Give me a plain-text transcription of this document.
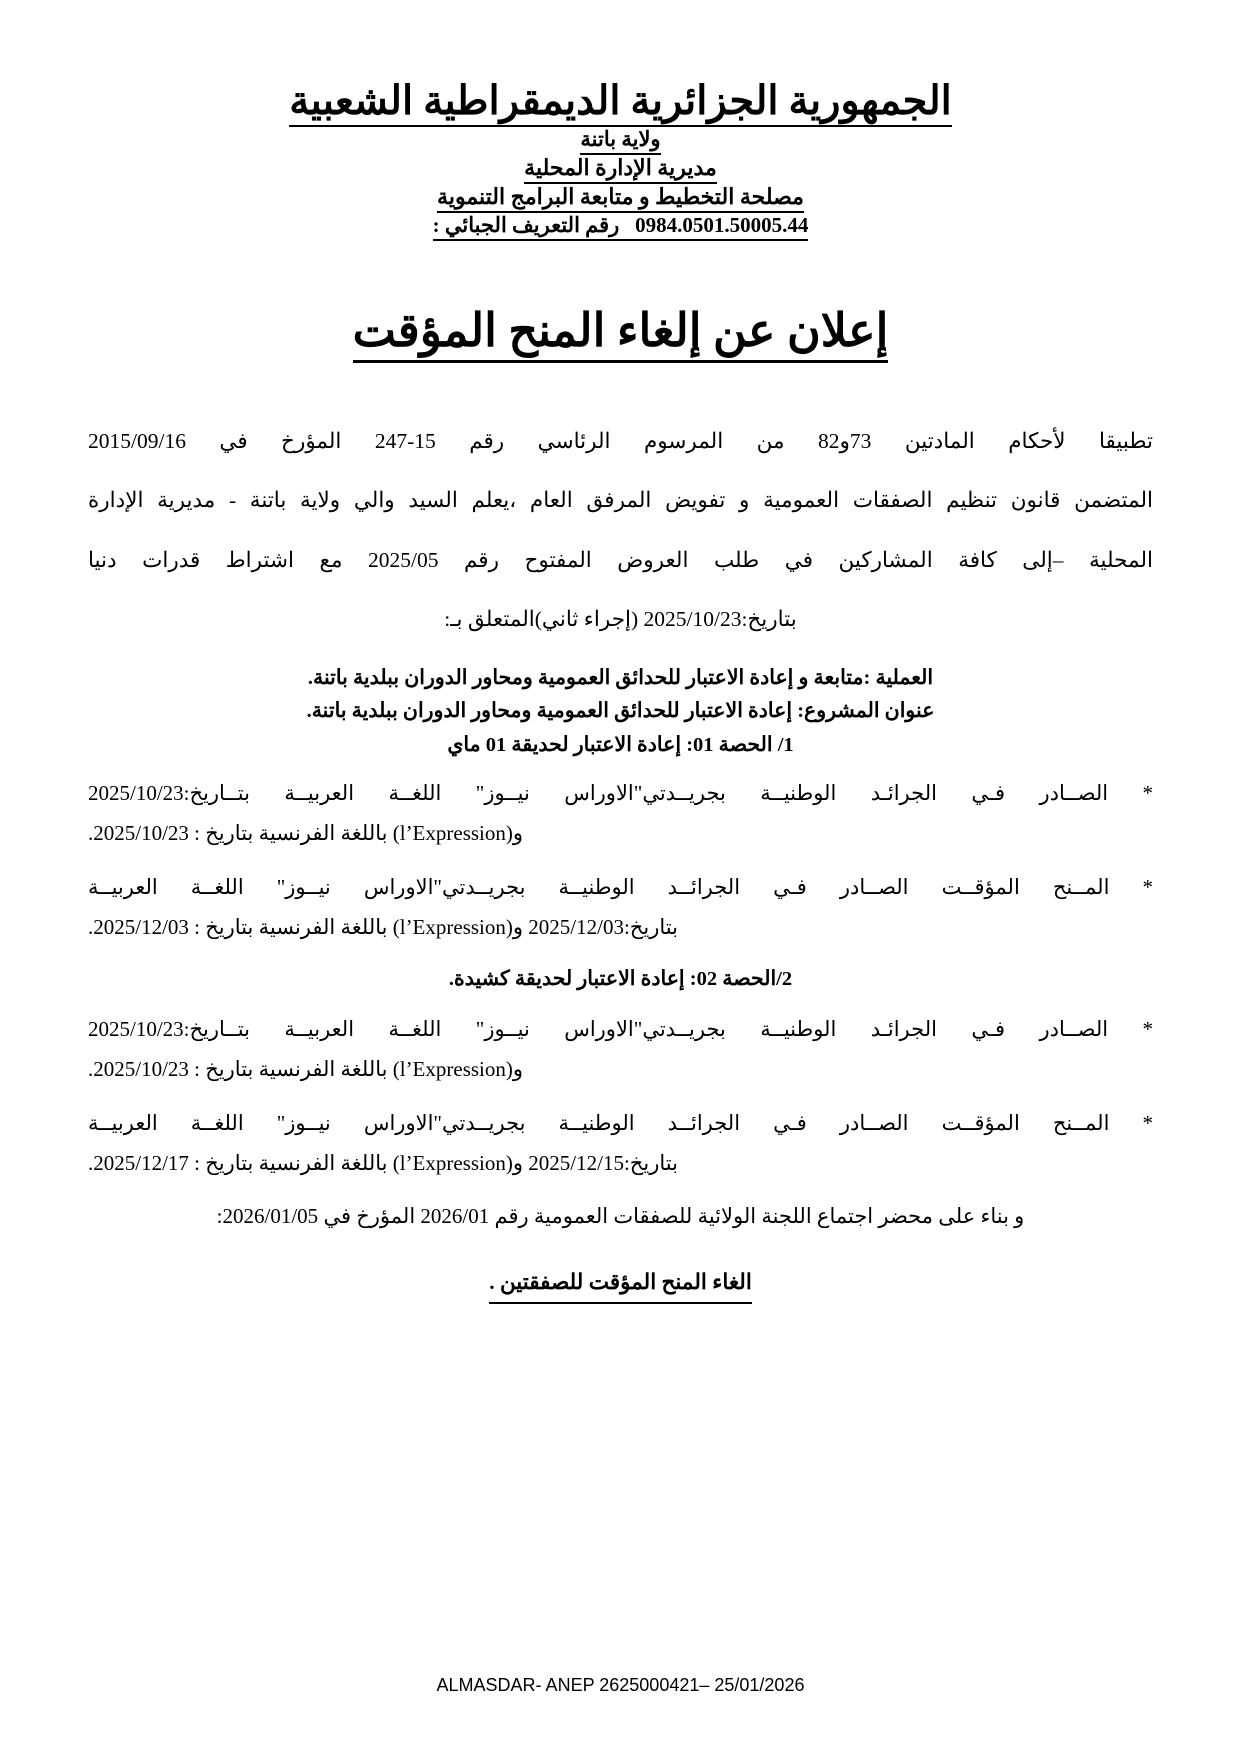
الجمهورية الجزائرية الديمقراطية الشعبية
ولاية باتنة
مديرية الإدارة المحلية
مصلحة التخطيط و متابعة البرامج التنموية
0984.0501.50005.44   رقم التعريف الجبائي :
إعلان عن إلغاء المنح المؤقت

تطبيقا لأحكام المادتين 73و82 من المرسوم الرئاسي رقم 15-247 المؤرخ في 2015/09/16

المتضمن قانون تنظيم الصفقات العمومية و تفويض المرفق العام ،يعلم السيد والي ولاية باتنة - مديرية الإدارة

المحلية –إلى كافة المشاركين في طلب العروض المفتوح رقم 2025/05 مع اشتراط قدرات دنيا

بتاريخ:2025/10/23 (إجراء ثاني)المتعلق بـ:

العملية :متابعة و إعادة الاعتبار للحدائق العمومية ومحاور الدوران ببلدية باتنة.
عنوان المشروع: إعادة الاعتبار للحدائق العمومية ومحاور الدوران ببلدية باتنة.
1/ الحصة 01: إعادة الاعتبار لحديقة 01 ماي

* الصــادر فـي الجرائـد الوطنيــة بجريــدتي"الاوراس نيــوز" اللغــة العربيــة بتــاريخ:2025/10/23

و(l’Expression) باللغة الفرنسية بتاريخ : 2025/10/23.

* المــنح المؤقــت الصــادر فـي الجرائــد الوطنيــة بجريــدتي"الاوراس نيــوز" اللغــة العربيــة

بتاريخ:2025/12/03 و(l’Expression) باللغة الفرنسية بتاريخ : 2025/12/03.

2/الحصة 02: إعادة الاعتبار لحديقة كشيدة.

* الصــادر فـي الجرائـد الوطنيــة بجريــدتي"الاوراس نيــوز" اللغــة العربيــة بتــاريخ:2025/10/23

و(l’Expression) باللغة الفرنسية بتاريخ : 2025/10/23.

* المــنح المؤقــت الصــادر فـي الجرائــد الوطنيــة بجريــدتي"الاوراس نيــوز" اللغــة العربيــة

بتاريخ:2025/12/15 و(l’Expression) باللغة الفرنسية بتاريخ : 2025/12/17.

و بناء على محضر اجتماع اللجنة الولائية للصفقات العمومية رقم 2026/01 المؤرخ في 2026/01/05:

الغاء المنح المؤقت للصفقتين .
ALMASDAR- ANEP 2625000421– 25/01/2026
